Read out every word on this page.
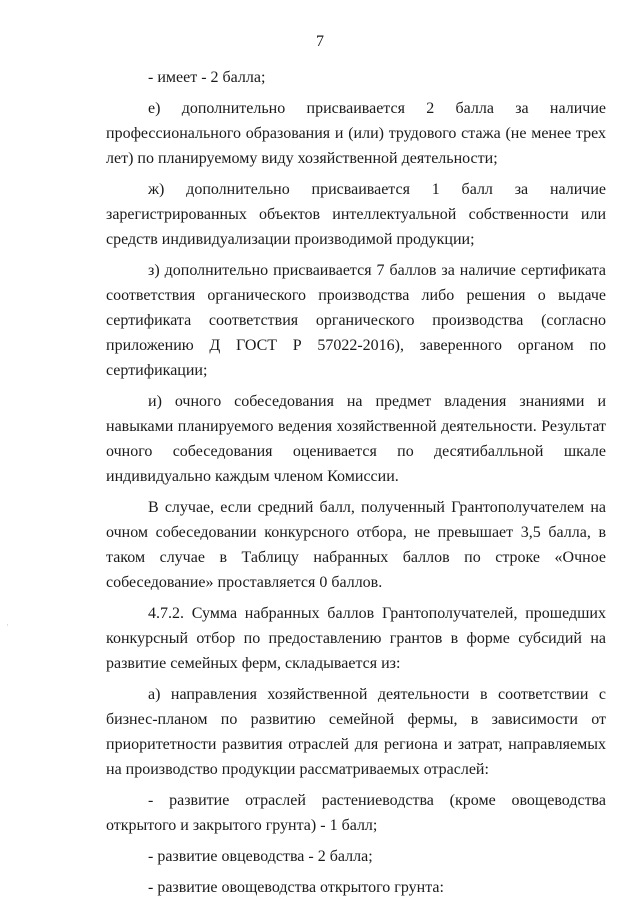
7

- имеет - 2 балла;

е) дополнительно присваивается 2 балла за наличие профессионального образования и (или) трудового стажа (не менее трех лет) по планируемому виду хозяйственной деятельности;

ж) дополнительно присваивается 1 балл за наличие зарегистрированных объектов интеллектуальной собственности или средств индивидуализации производимой продукции;

з) дополнительно присваивается 7 баллов за наличие сертификата соответствия органического производства либо решения о выдаче сертификата соответствия органического производства (согласно приложению Д ГОСТ Р 57022-2016), заверенного органом по сертификации;

и) очного собеседования на предмет владения знаниями и навыками планируемого ведения хозяйственной деятельности. Результат очного собеседования оценивается по десятибалльной шкале индивидуально каждым членом Комиссии.

В случае, если средний балл, полученный Грантополучателем на очном собеседовании конкурсного отбора, не превышает 3,5 балла, в таком случае в Таблицу набранных баллов по строке «Очное собеседование» проставляется 0 баллов.

4.7.2. Сумма набранных баллов Грантополучателей, прошедших конкурсный отбор по предоставлению грантов в форме субсидий на развитие семейных ферм, складывается из:

а) направления хозяйственной деятельности в соответствии с бизнес-планом по развитию семейной фермы, в зависимости от приоритетности развития отраслей для региона и затрат, направляемых на производство продукции рассматриваемых отраслей:

- развитие отраслей растениеводства (кроме овощеводства открытого и закрытого грунта) - 1 балл;

- развитие овцеводства - 2 балла;

- развитие овощеводства открытого грунта:

·
